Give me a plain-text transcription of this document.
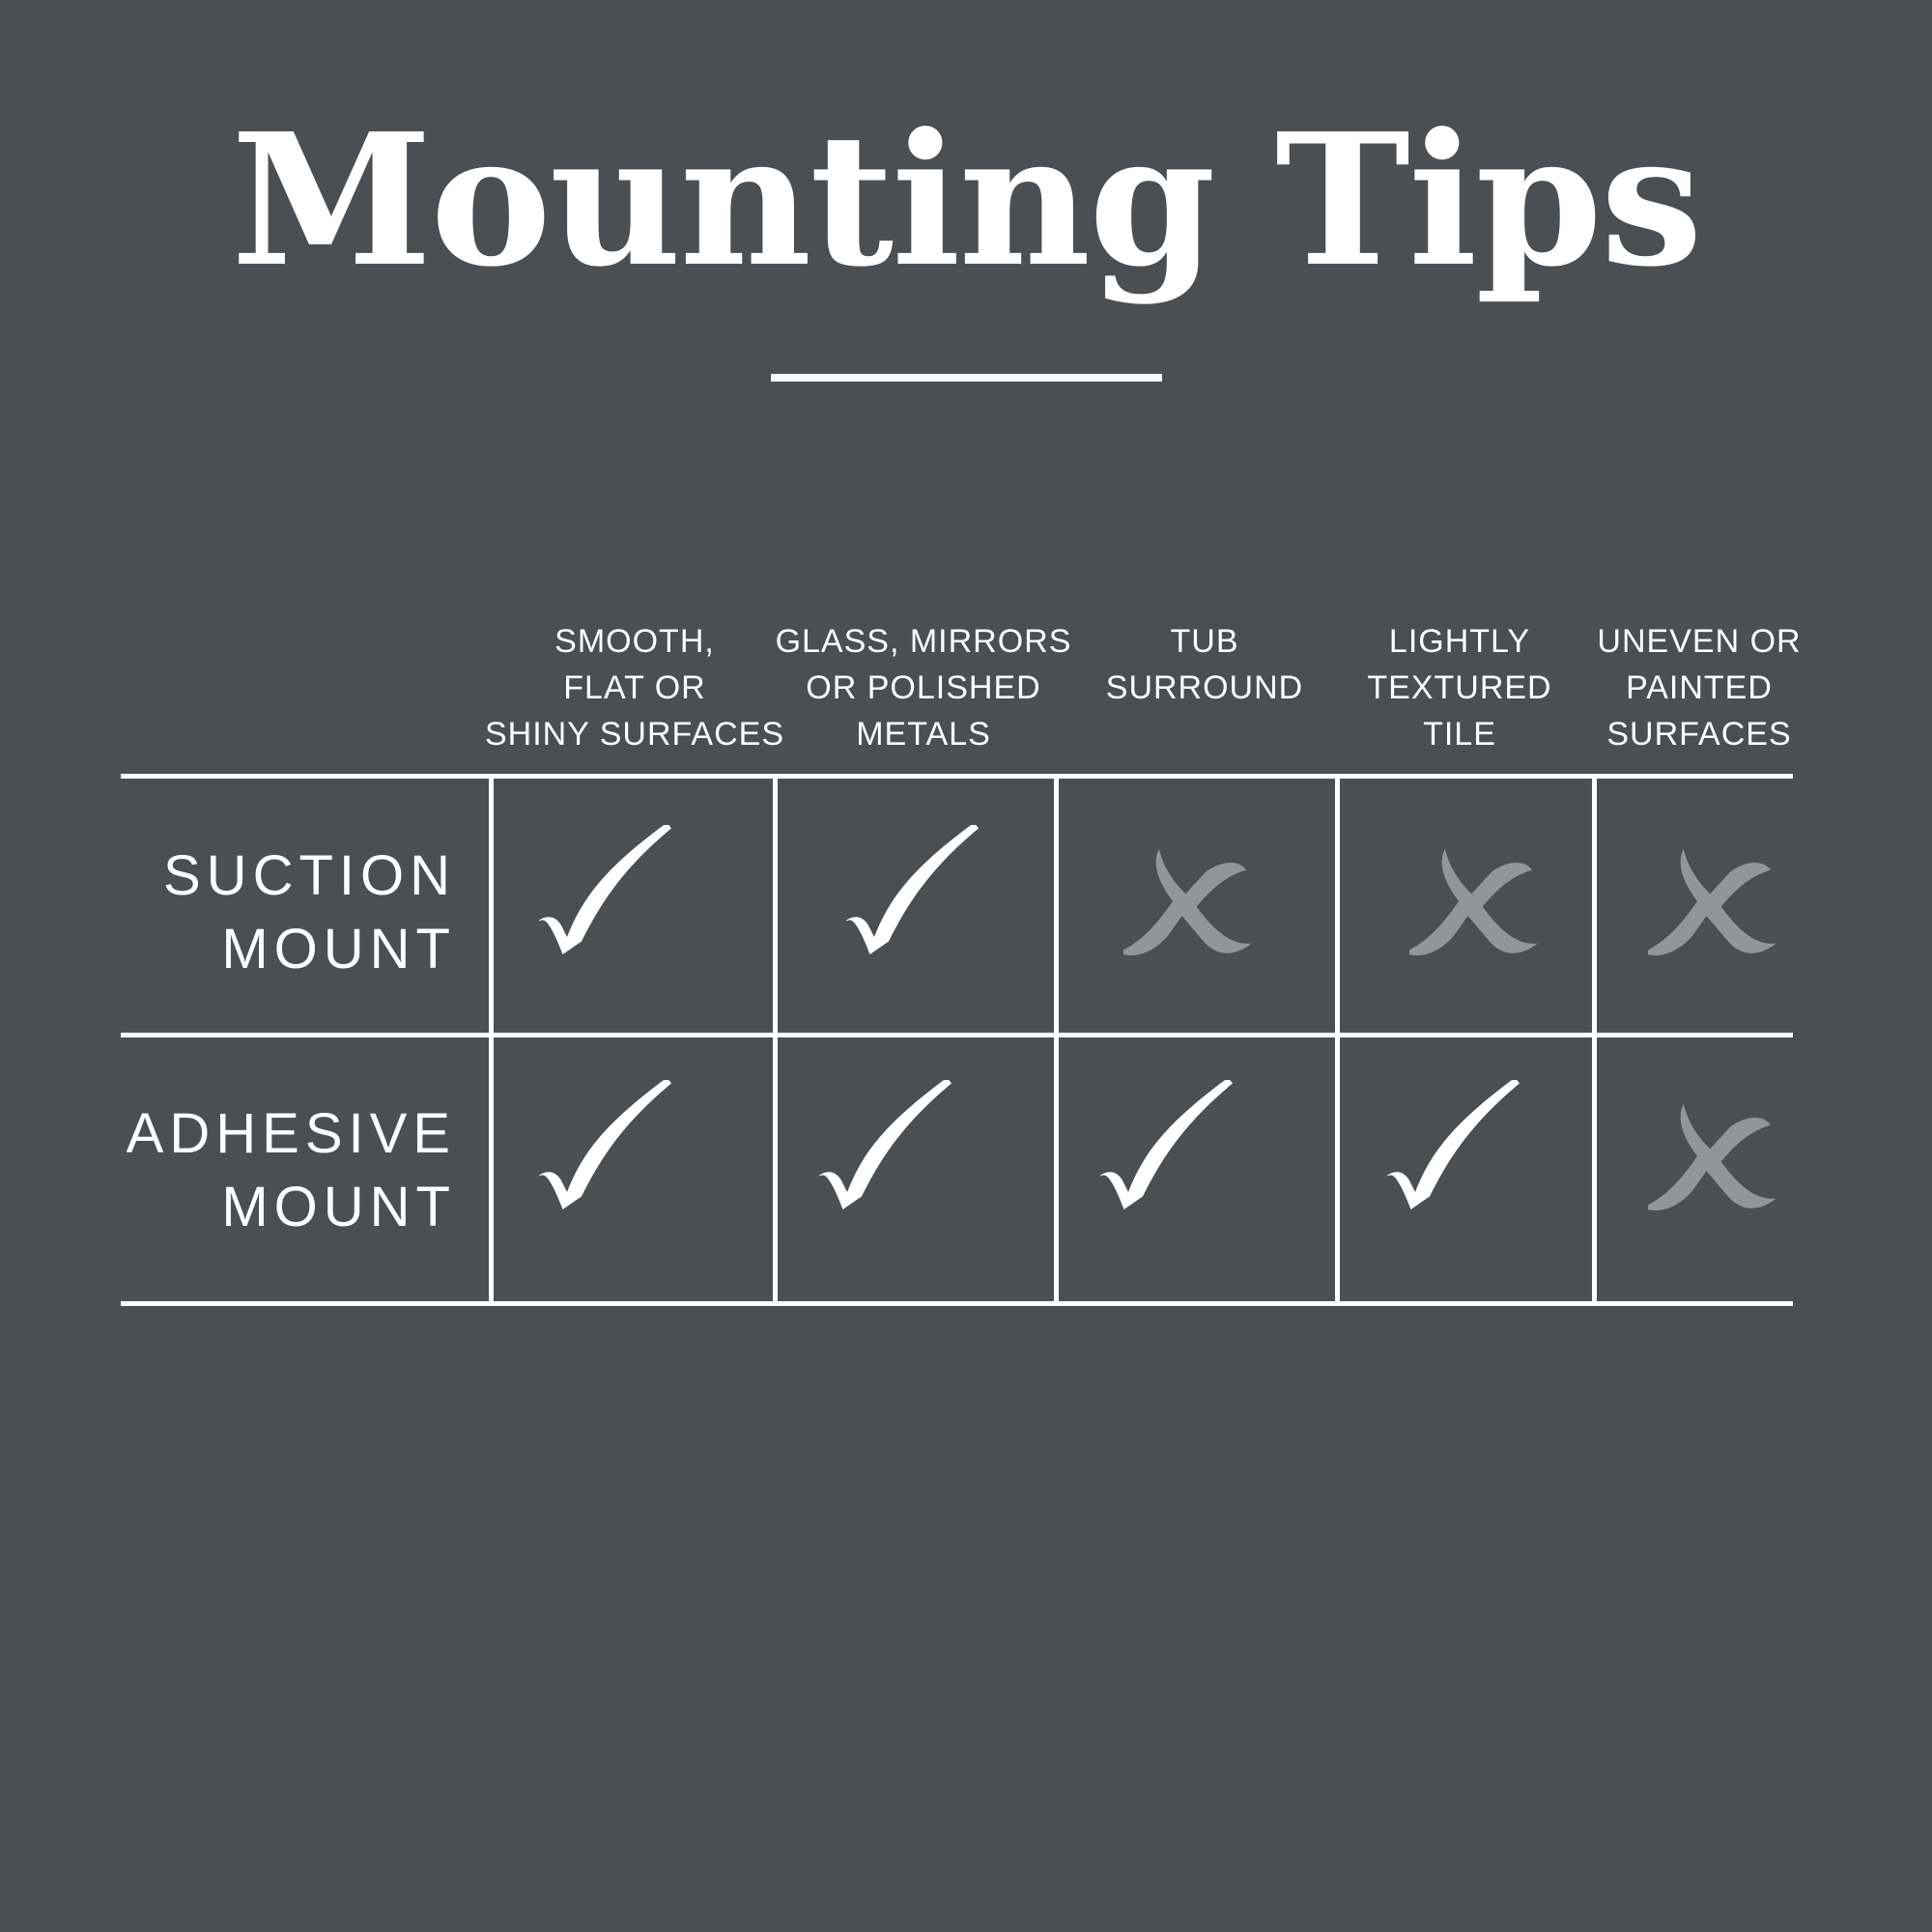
Mounting Tips
SMOOTH,
FLAT OR
SHINY SURFACES
GLASS, MIRRORS
OR POLISHED
METALS
TUB
SURROUND
LIGHTLY
TEXTURED
TILE
UNEVEN OR
PAINTED
SURFACES
SUCTION
MOUNT
ADHESIVE
MOUNT
